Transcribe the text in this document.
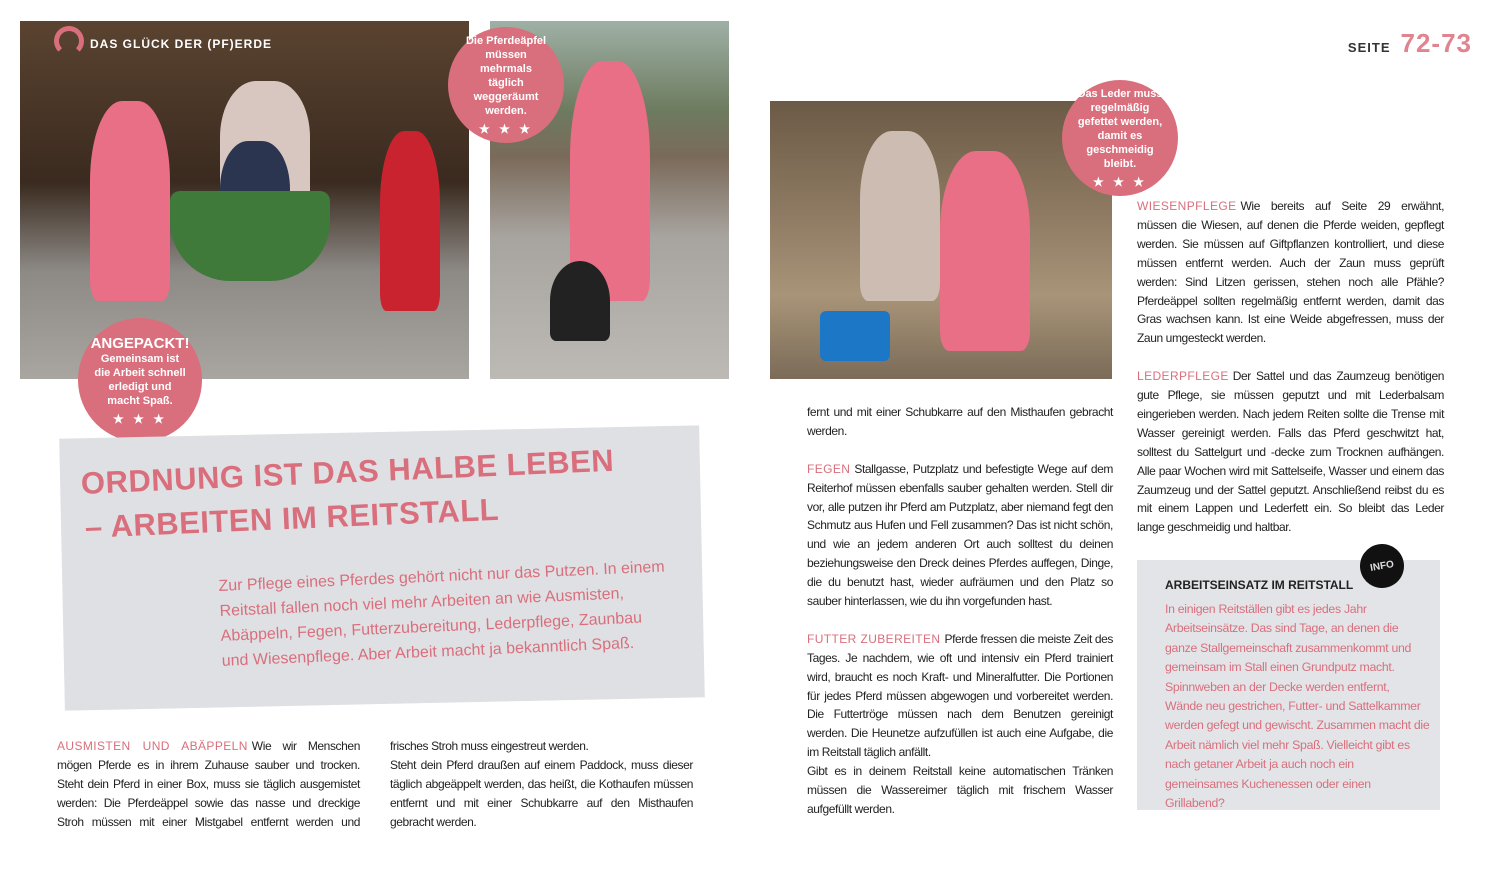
DAS GLÜCK DER (PF)ERDE	SEITE 72-73
ANGEPACKT!
Gemeinsam ist die Arbeit schnell erledigt und macht Spaß.
★ ★ ★
Die Pferdeäpfel müssen mehrmals täglich weggeräumt werden.
★ ★ ★
Das Leder muss regelmäßig gefettet werden, damit es geschmeidig bleibt.
★ ★ ★
ORDNUNG IST DAS HALBE LEBEN
– ARBEITEN IM REITSTALL
Zur Pflege eines Pferdes gehört nicht nur das Putzen. In einem Reitstall fallen noch viel mehr Arbeiten an wie Ausmisten, Abäppeln, Fegen, Futterzubereitung, Lederpflege, Zaunbau und Wiesenpflege. Aber Arbeit macht ja bekanntlich Spaß.
AUSMISTEN UND ABÄPPELN Wie wir Menschen mögen Pferde es in ihrem Zuhause sauber und trocken. Steht dein Pferd in einer Box, muss sie täglich ausgemistet werden: Die Pferdeäppel sowie das nasse und dreckige Stroh müssen mit einer Mistgabel entfernt werden und frisches Stroh muss eingestreut werden.
Steht dein Pferd draußen auf einem Paddock, muss dieser täglich abgeäppelt werden, das heißt, die Kothaufen müssen entfernt und mit einer Schubkarre auf den Misthaufen gebracht werden.

fernt und mit einer Schubkarre auf den Misthaufen gebracht werden.

FEGEN Stallgasse, Putzplatz und befestigte Wege auf dem Reiterhof müssen ebenfalls sauber gehalten werden. Stell dir vor, alle putzen ihr Pferd am Putzplatz, aber niemand fegt den Schmutz aus Hufen und Fell zusammen? Das ist nicht schön, und wie an jedem anderen Ort auch solltest du deinen beziehungsweise den Dreck deines Pferdes auffegen, Dinge, die du benutzt hast, wieder aufräumen und den Platz so sauber hinterlassen, wie du ihn vorgefunden hast.

FUTTER ZUBEREITEN Pferde fressen die meiste Zeit des Tages. Je nachdem, wie oft und intensiv ein Pferd trainiert wird, braucht es noch Kraft- und Mineralfutter. Die Portionen für jedes Pferd müssen abgewogen und vorbereitet werden. Die Futtertröge müssen nach dem Benutzen gereinigt werden. Die Heunetze aufzufüllen ist auch eine Aufgabe, die im Reitstall täglich anfällt.
Gibt es in deinem Reitstall keine automatischen Tränken müssen die Wassereimer täglich mit frischem Wasser aufgefüllt werden.

WIESENPFLEGE Wie bereits auf Seite 29 erwähnt, müssen die Wiesen, auf denen die Pferde weiden, gepflegt werden. Sie müssen auf Giftpflanzen kontrolliert, und diese müssen entfernt werden. Auch der Zaun muss geprüft werden: Sind Litzen gerissen, stehen noch alle Pfähle? Pferdeäppel sollten regelmäßig entfernt werden, damit das Gras wachsen kann. Ist eine Weide abgefressen, muss der Zaun umgesteckt werden.

LEDERPFLEGE Der Sattel und das Zaumzeug benötigen gute Pflege, sie müssen geputzt und mit Lederbalsam eingerieben werden. Nach jedem Reiten sollte die Trense mit Wasser gereinigt werden. Falls das Pferd geschwitzt hat, solltest du Sattelgurt und -decke zum Trocknen aufhängen. Alle paar Wochen wird mit Sattelseife, Wasser und einem das Zaumzeug und der Sattel geputzt. Anschließend reibst du es mit einem Lappen und Lederfett ein. So bleibt das Leder lange geschmeidig und haltbar.

INFO
ARBEITSEINSATZ IM REITSTALL
In einigen Reitställen gibt es jedes Jahr Arbeitseinsätze. Das sind Tage, an denen die ganze Stallgemeinschaft zusammenkommt und gemeinsam im Stall einen Grundputz macht. Spinnweben an der Decke werden entfernt, Wände neu gestrichen, Futter- und Sattelkammer werden gefegt und gewischt. Zusammen macht die Arbeit nämlich viel mehr Spaß. Vielleicht gibt es nach getaner Arbeit ja auch noch ein gemeinsames Kuchenessen oder einen Grillabend?
